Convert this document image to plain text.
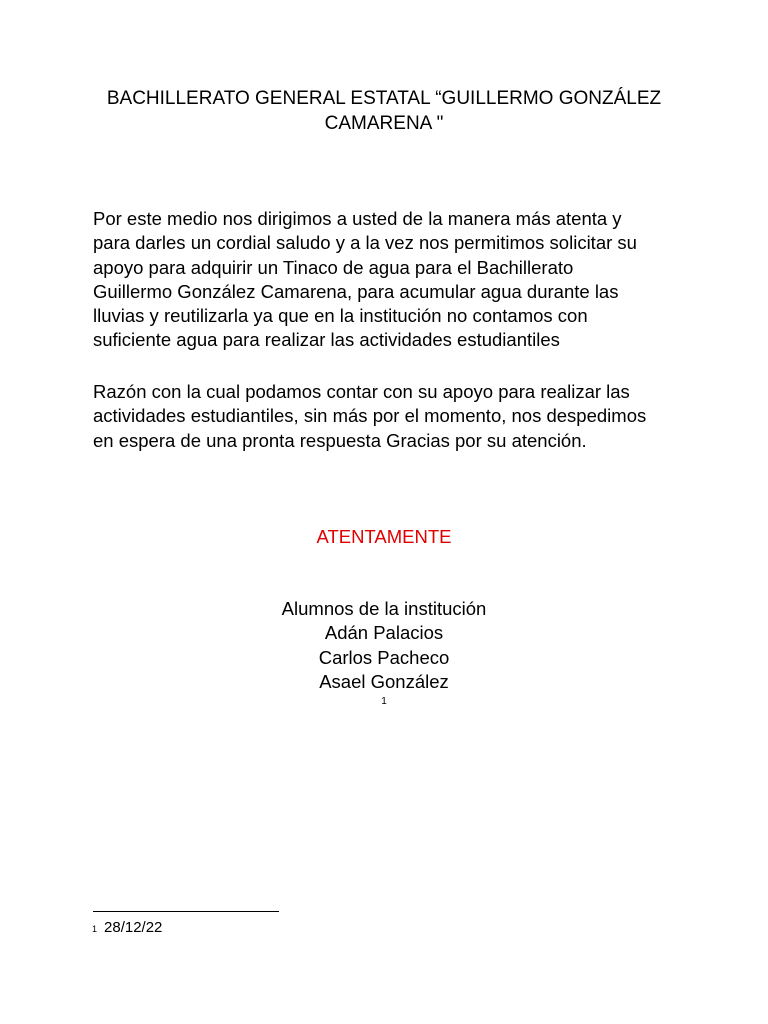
BACHILLERATO GENERAL ESTATAL “GUILLERMO GONZÁLEZ
CAMARENA "
Por este medio nos dirigimos a usted de la manera más atenta y
para darles un cordial saludo y a la vez nos permitimos solicitar su
apoyo para adquirir un Tinaco de agua para el Bachillerato
Guillermo González Camarena, para acumular agua durante las
lluvias y reutilizarla ya que en la institución no contamos con
suficiente agua para realizar las actividades estudiantiles
Razón con la cual podamos contar con su apoyo para realizar las
actividades estudiantiles, sin más por el momento, nos despedimos
en espera de una pronta respuesta Gracias por su atención.
ATENTAMENTE
Alumnos de la institución
Adán Palacios
Carlos Pacheco
Asael González
1
$^1$ 28/12/22
